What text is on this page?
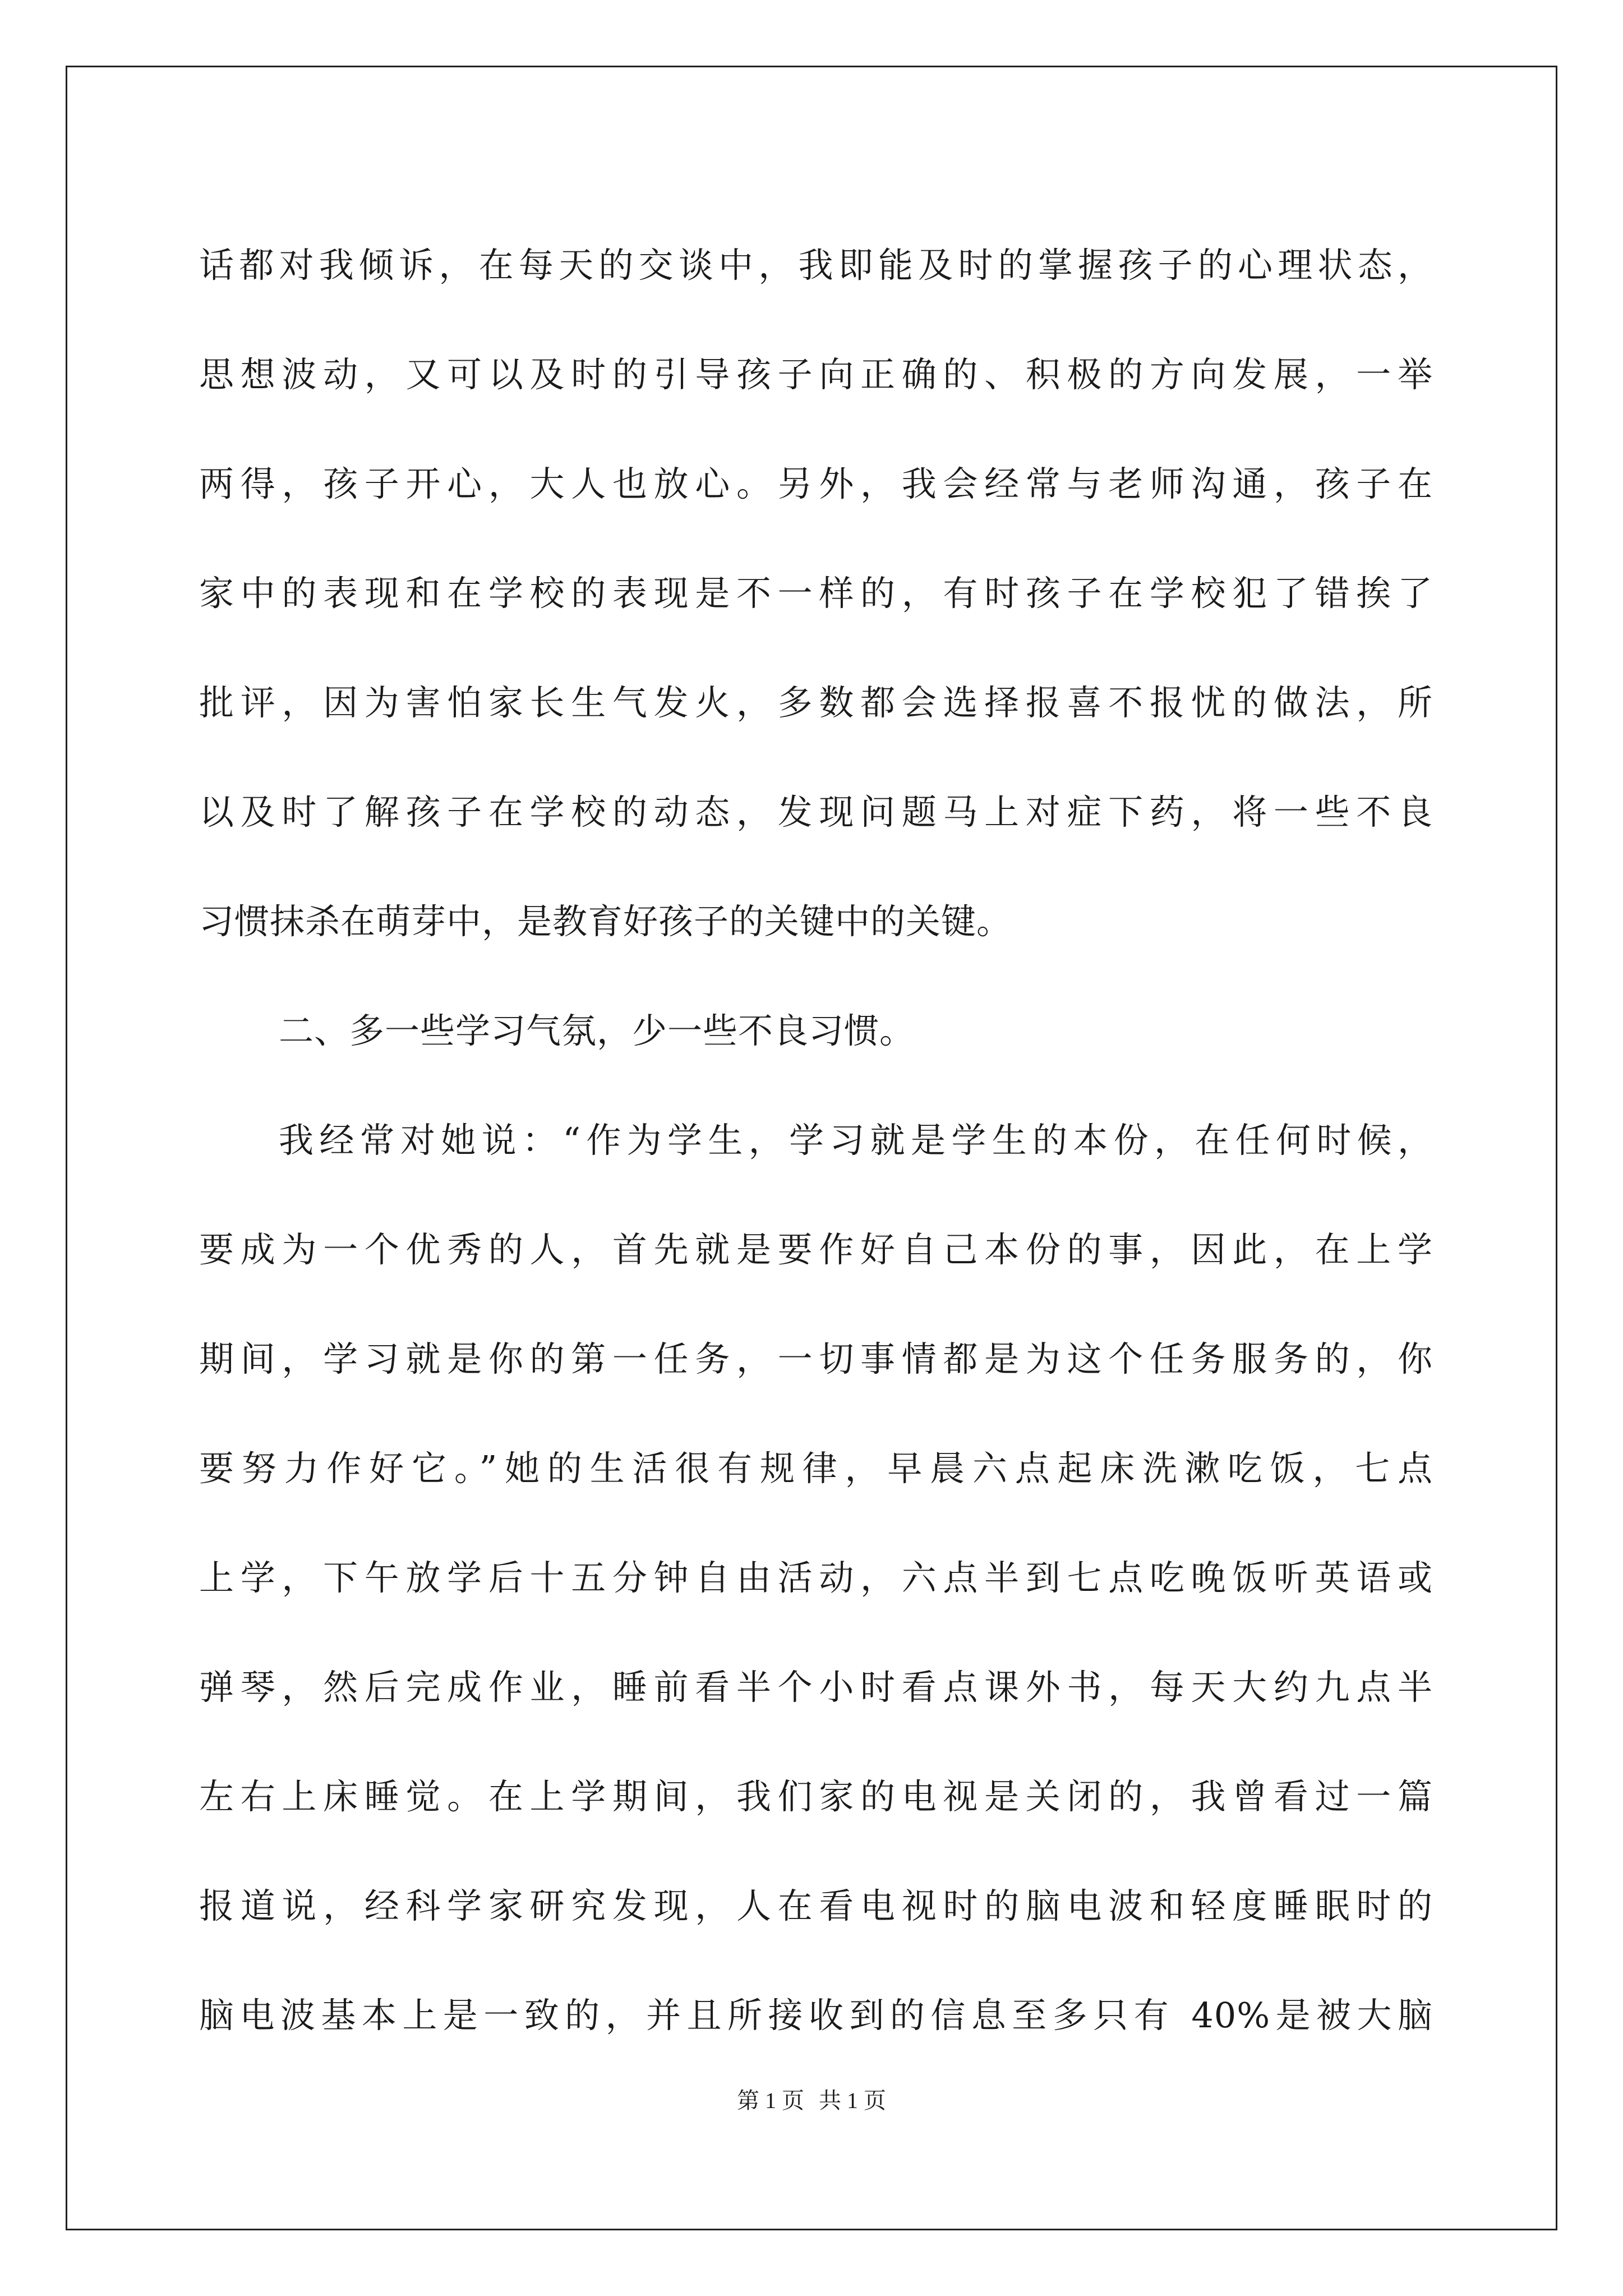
话都对我倾诉，在每天的交谈中，我即能及时的掌握孩子的心理状态，
思想波动，又可以及时的引导孩子向正确的、积极的方向发展，一举
两得，孩子开心，大人也放心。另外，我会经常与老师沟通，孩子在
家中的表现和在学校的表现是不一样的，有时孩子在学校犯了错挨了
批评，因为害怕家长生气发火，多数都会选择报喜不报忧的做法，所
以及时了解孩子在学校的动态，发现问题马上对症下药，将一些不良
习惯抹杀在萌芽中，是教育好孩子的关键中的关键。
二、多一些学习气氛，少一些不良习惯。
我经常对她说：“作为学生，学习就是学生的本份，在任何时候，
要成为一个优秀的人，首先就是要作好自己本份的事，因此，在上学
期间，学习就是你的第一任务，一切事情都是为这个任务服务的，你
要努力作好它。”她的生活很有规律，早晨六点起床洗漱吃饭，七点
上学，下午放学后十五分钟自由活动，六点半到七点吃晚饭听英语或
弹琴，然后完成作业，睡前看半个小时看点课外书，每天大约九点半
左右上床睡觉。在上学期间，我们家的电视是关闭的，我曾看过一篇
报道说，经科学家研究发现，人在看电视时的脑电波和轻度睡眠时的
脑电波基本上是一致的，并且所接收到的信息至多只有 40%是被大脑
第 1 页 共 1 页
